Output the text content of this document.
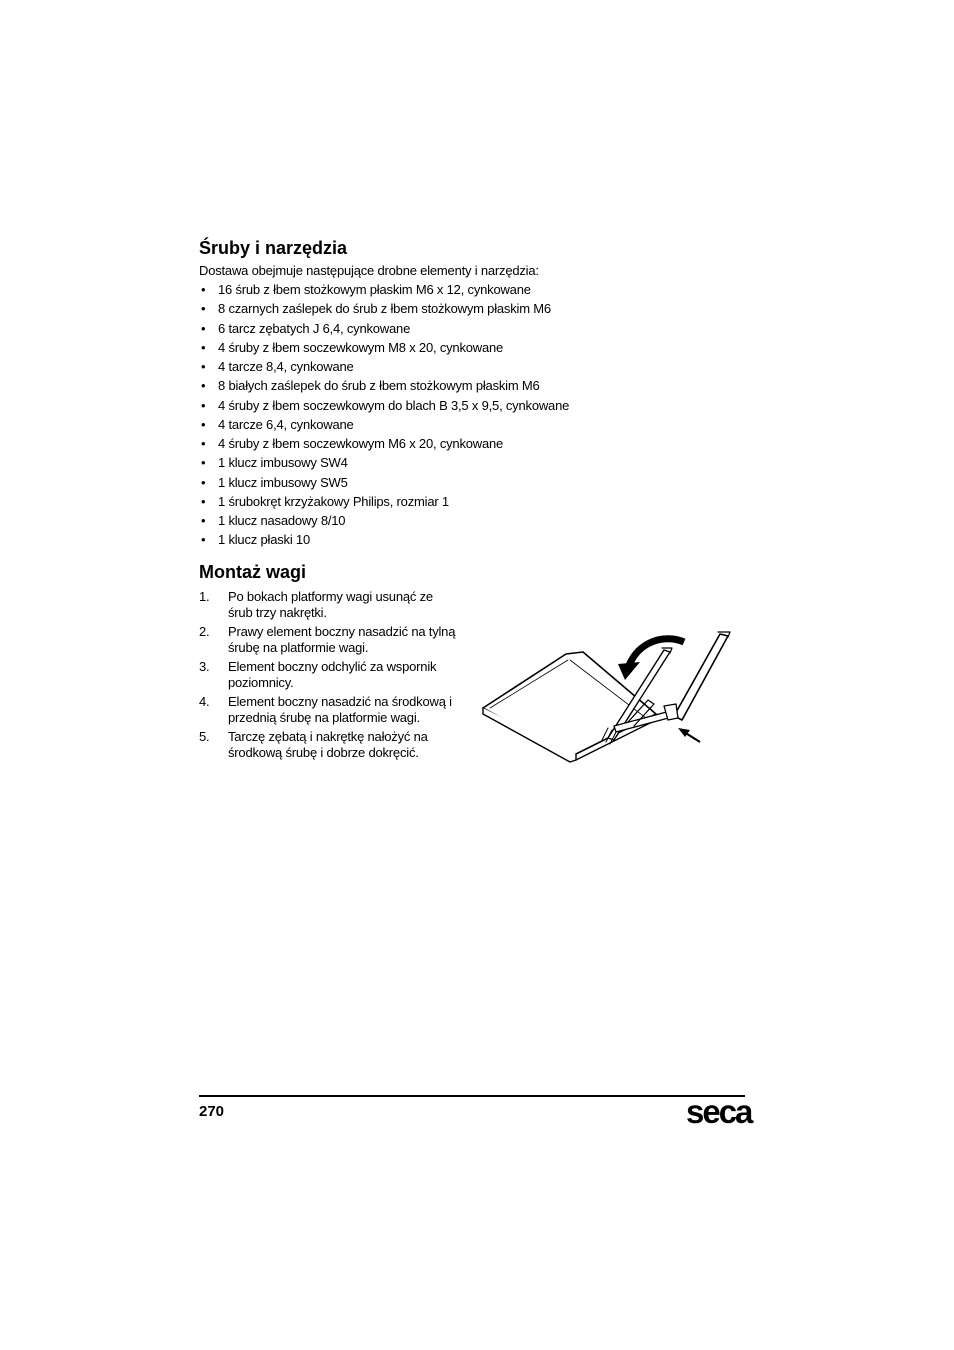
Śruby i narzędzia

Dostawa obejmuje następujące drobne elementy i narzędzia:

• 16 śrub z łbem stożkowym płaskim M6 x 12, cynkowane
• 8 czarnych zaślepek do śrub z łbem stożkowym płaskim M6
• 6 tarcz zębatych J 6,4, cynkowane
• 4 śruby z łbem soczewkowym M8 x 20, cynkowane
• 4 tarcze 8,4, cynkowane
• 8 białych zaślepek do śrub z łbem stożkowym płaskim M6
• 4 śruby z łbem soczewkowym do blach B 3,5 x 9,5, cynkowane
• 4 tarcze 6,4, cynkowane
• 4 śruby z łbem soczewkowym M6 x 20, cynkowane
• 1 klucz imbusowy SW4
• 1 klucz imbusowy SW5
• 1 śrubokręt krzyżakowy Philips, rozmiar 1
• 1 klucz nasadowy 8/10
• 1 klucz płaski 10
Montaż wagi
1. Po bokach platformy wagi usunąć ze śrub trzy nakrętki.
2. Prawy element boczny nasadzić na tylną śrubę na platformie wagi.
3. Element boczny odchylić za wspornik poziomnicy.
4. Element boczny nasadzić na środkową i przednią śrubę na platformie wagi.
5. Tarczę zębatą i nakrętkę nałożyć na środkową śrubę i dobrze dokręcić.
270	seca
